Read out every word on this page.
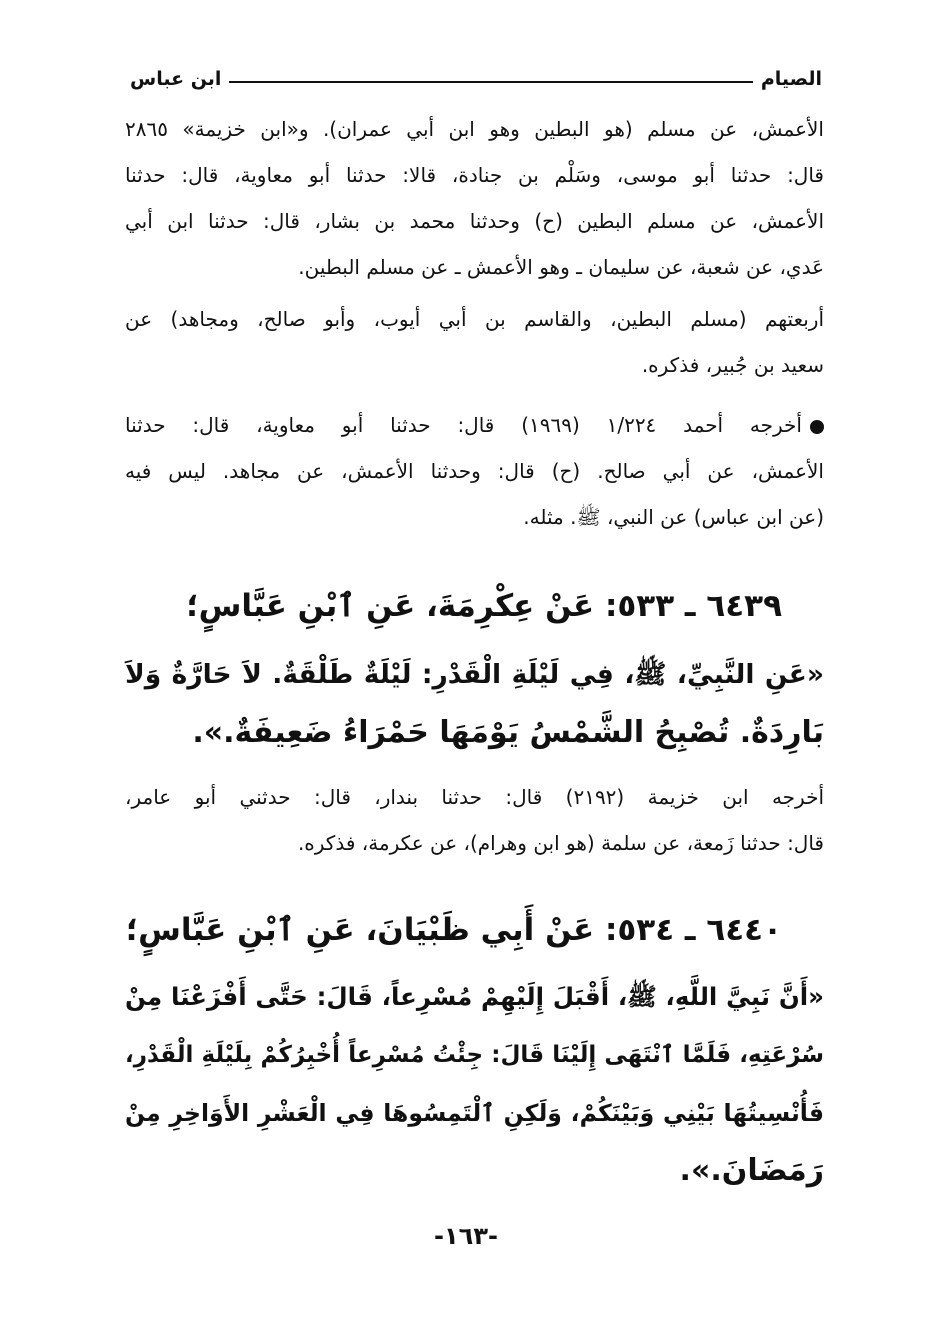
الصيام
ابن عباس
الأعمش، عن مسلم (هو البطين وهو ابن أبي عمران). و«ابن خزيمة» ٢٨٦٥
قال: حدثنا أبو موسى، وسَلْم بن جنادة، قالا: حدثنا أبو معاوية، قال: حدثنا
الأعمش، عن مسلم البطين (ح) وحدثنا محمد بن بشار، قال: حدثنا ابن أبي
عَدي، عن شعبة، عن سليمان ـ وهو الأعمش ـ عن مسلم البطين.
أربعتهم (مسلم البطين، والقاسم بن أبي أيوب، وأبو صالح، ومجاهد) عن
سعيد بن جُبير، فذكره.
أخرجه أحمد ١/٢٢٤ (١٩٦٩) قال: حدثنا أبو معاوية، قال: حدثنا
الأعمش، عن أبي صالح. (ح) قال: وحدثنا الأعمش، عن مجاهد. ليس فيه
(عن ابن عباس) عن النبي، ﷺ. مثله.
٦٤٣٩ ـ ٥٣٣: عَنْ عِكْرِمَةَ، عَنِ ٱبْنِ عَبَّاسٍ؛
«عَنِ النَّبِيِّ، ﷺ، فِي لَيْلَةِ الْقَدْرِ: لَيْلَةٌ طَلْقَةٌ. لاَ حَارَّةٌ وَلاَ
بَارِدَةٌ. تُصْبِحُ الشَّمْسُ يَوْمَهَا حَمْرَاءُ ضَعِيفَةٌ.».
أخرجه ابن خزيمة (٢١٩٢) قال: حدثنا بندار، قال: حدثني أبو عامر،
قال: حدثنا زَمعة، عن سلمة (هو ابن وهرام)، عن عكرمة، فذكره.
٦٤٤٠ ـ ٥٣٤: عَنْ أَبِي ظَبْيَانَ، عَنِ ٱبْنِ عَبَّاسٍ؛
«أَنَّ نَبِيَّ اللَّهِ، ﷺ، أَقْبَلَ إِلَيْهِمْ مُسْرِعاً، قَالَ: حَتَّى أَفْزَعْنَا مِنْ
سُرْعَتِهِ، فَلَمَّا ٱنْتَهَى إِلَيْنَا قَالَ: جِئْتُ مُسْرِعاً أُخْبِرُكُمْ بِلَيْلَةِ الْقَدْرِ،
فَأُنْسِيتُهَا بَيْنِي وَبَيْنَكُمْ، وَلَكِنِ ٱلْتَمِسُوهَا فِي الْعَشْرِ الأَوَاخِرِ مِنْ
رَمَضَانَ.».
-١٦٣-
